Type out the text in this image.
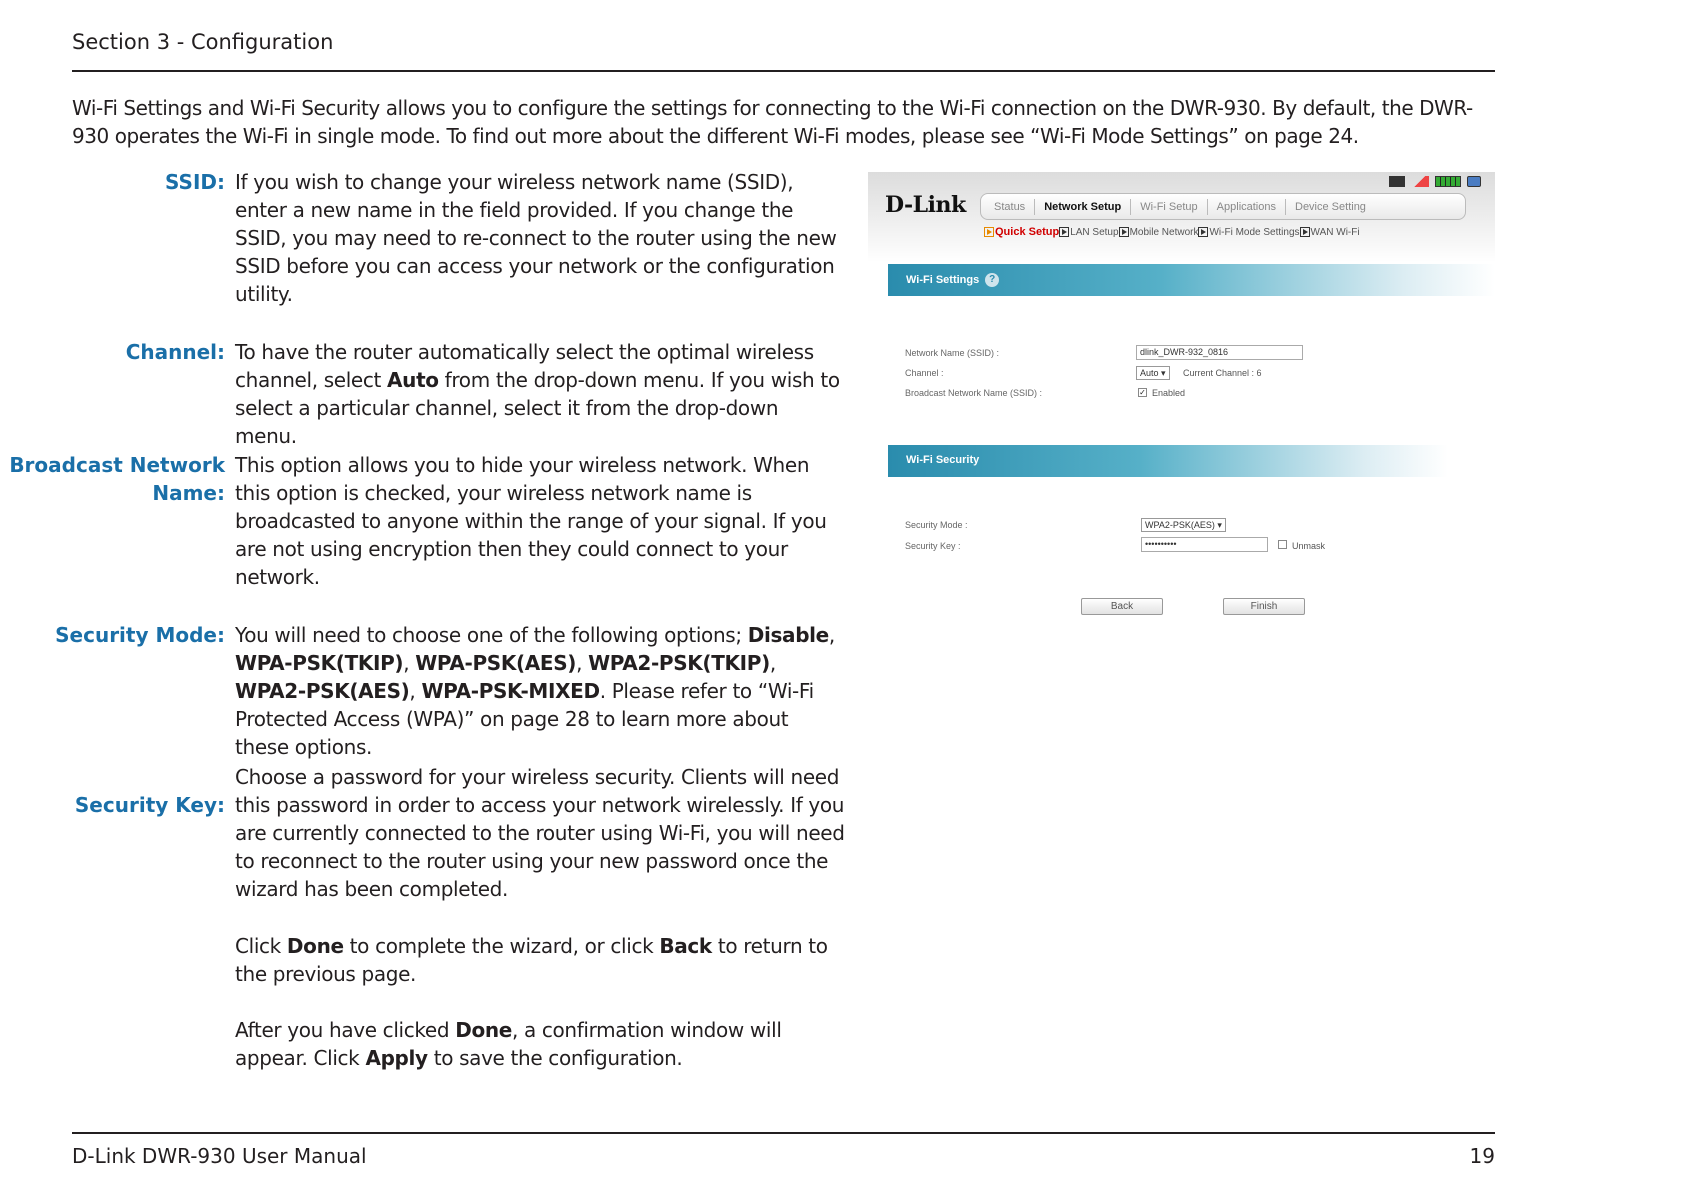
Section 3 - Configuration

Wi-Fi Settings and Wi-Fi Security allows you to configure the settings for connecting to the Wi-Fi connection on the DWR-930. By default, the DWR-930 operates the Wi-Fi in single mode. To find out more about the different Wi-Fi modes, please see “Wi-Fi Mode Settings” on page 24.

SSID: If you wish to change your wireless network name (SSID), enter a new name in the field provided. If you change the SSID, you may need to re-connect to the router using the new SSID before you can access your network or the configuration utility.

Channel: To have the router automatically select the optimal wireless channel, select Auto from the drop-down menu. If you wish to select a particular channel, select it from the drop-down menu.

Broadcast Network
Name:

This option allows you to hide your wireless network. When this option is checked, your wireless network name is broadcasted to anyone within the range of your signal. If you are not using encryption then they could connect to your network.

Security Mode: You will need to choose one of the following options; Disable, WPA-PSK(TKIP), WPA-PSK(AES), WPA2-PSK(TKIP), WPA2-PSK(AES), WPA-PSK-MIXED. Please refer to “Wi-Fi Protected Access (WPA)” on page 28 to learn more about these options.

Security Key:

Choose a password for your wireless security. Clients will need this password in order to access your network wirelessly. If you are currently connected to the router using Wi-Fi, you will need to reconnect to the router using your new password once the wizard has been completed.

Click Done to complete the wizard, or click Back to return to the previous page.

After you have clicked Done, a confirmation window will appear. Click Apply to save the configuration.

D-Link	Status	Network Setup	Wi-Fi Setup	Applications	Device Setting
Quick Setup LAN Setup Mobile Network Wi-Fi Mode Settings WAN Wi-Fi
Wi-Fi Settings ?
Network Name (SSID) :	dlink_DWR-932_0816
Channel :	Auto ▾	Current Channel : 6
Broadcast Network Name (SSID) :	✓ Enabled
Wi-Fi Security
Security Mode :	WPA2-PSK(AES) ▾
Security Key :	••••••••••	Unmask
Back	Finish
D-Link DWR-930 User Manual	19
